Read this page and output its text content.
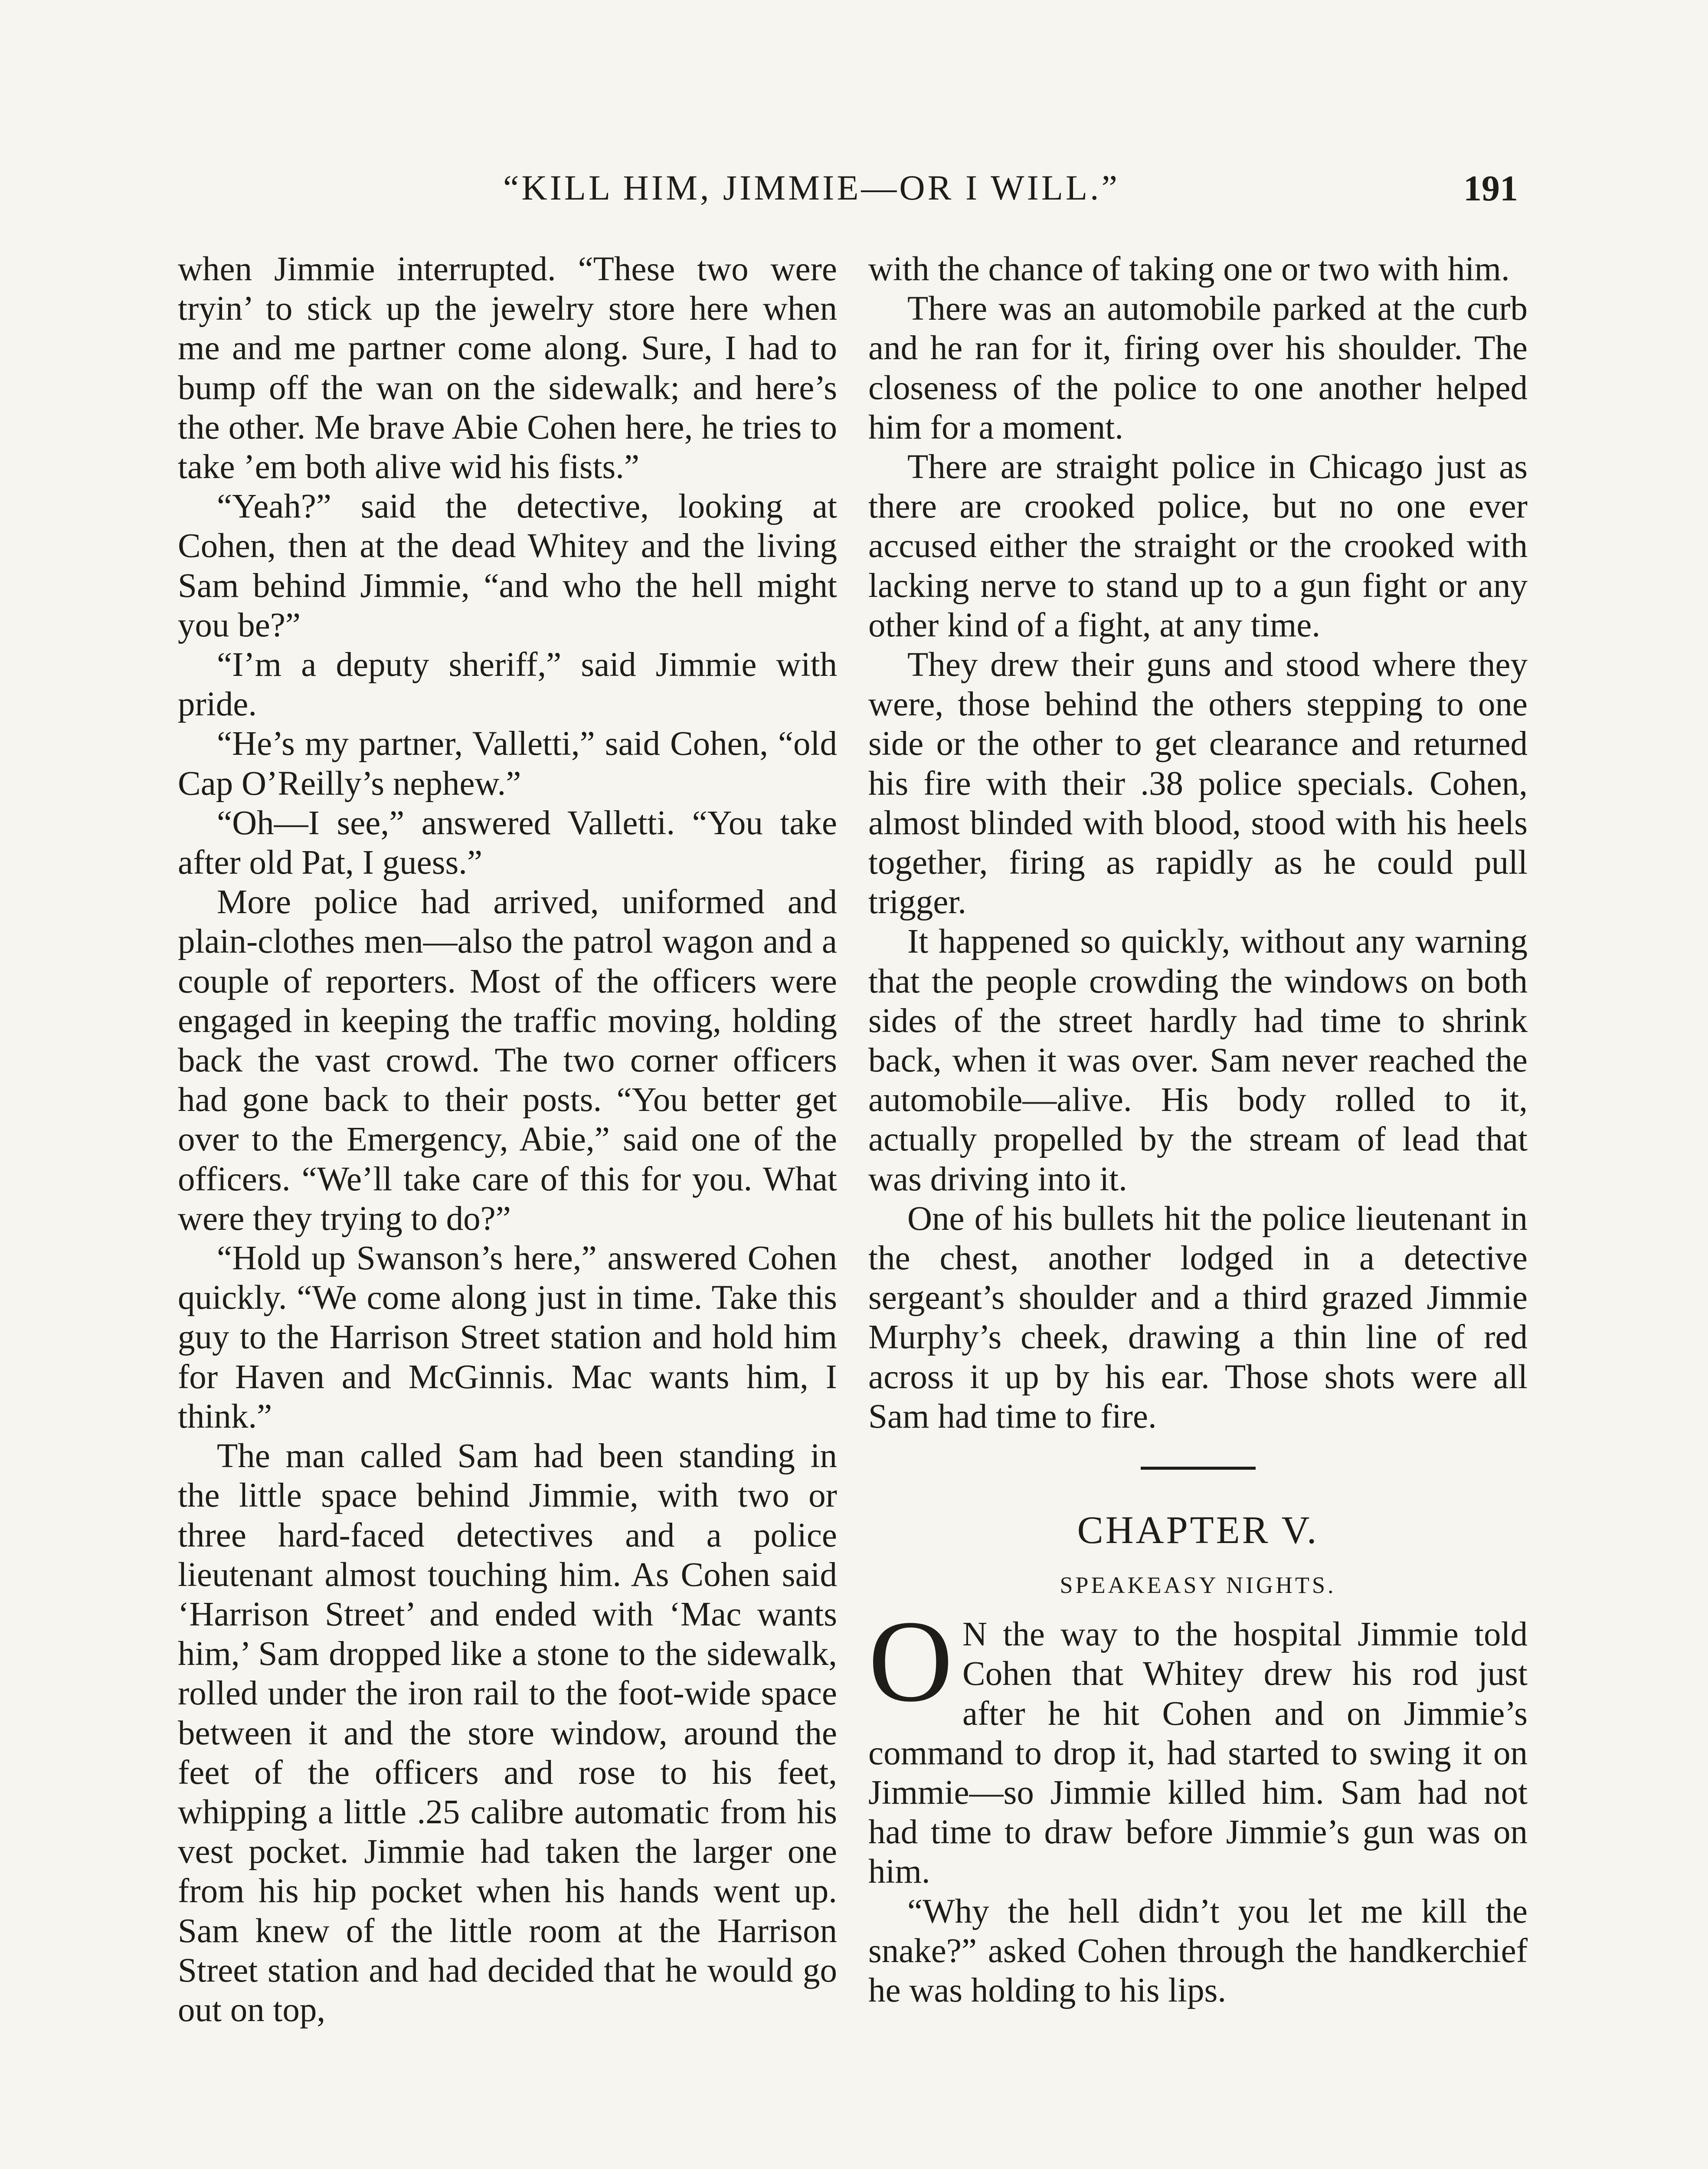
“KILL HIM, JIMMIE—OR I WILL.”	191

when Jimmie interrupted. “These two were tryin’ to stick up the jewelry store here when me and me partner come along. Sure, I had to bump off the wan on the sidewalk; and here’s the other. Me brave Abie Cohen here, he tries to take ’em both alive wid his fists.”

“Yeah?” said the detective, looking at Cohen, then at the dead Whitey and the living Sam behind Jimmie, “and who the hell might you be?”

“I’m a deputy sheriff,” said Jimmie with pride.

“He’s my partner, Valletti,” said Cohen, “old Cap O’Reilly’s nephew.”

“Oh—I see,” answered Valletti. “You take after old Pat, I guess.”

More police had arrived, uniformed and plain-clothes men—also the patrol wagon and a couple of reporters. Most of the officers were engaged in keeping the traffic moving, holding back the vast crowd. The two corner officers had gone back to their posts. “You better get over to the Emergency, Abie,” said one of the officers. “We’ll take care of this for you. What were they trying to do?”

“Hold up Swanson’s here,” answered Cohen quickly. “We come along just in time. Take this guy to the Harrison Street station and hold him for Haven and McGinnis. Mac wants him, I think.”

The man called Sam had been standing in the little space behind Jimmie, with two or three hard-faced detectives and a police lieutenant almost touching him. As Cohen said ‘Harrison Street’ and ended with ‘Mac wants him,’ Sam dropped like a stone to the sidewalk, rolled under the iron rail to the foot-wide space between it and the store window, around the feet of the officers and rose to his feet, whipping a little .25 calibre automatic from his vest pocket. Jimmie had taken the larger one from his hip pocket when his hands went up. Sam knew of the little room at the Harrison Street station and had decided that he would go out on top,

with the chance of taking one or two with him.

There was an automobile parked at the curb and he ran for it, firing over his shoulder. The closeness of the police to one another helped him for a moment.

There are straight police in Chicago just as there are crooked police, but no one ever accused either the straight or the crooked with lacking nerve to stand up to a gun fight or any other kind of a fight, at any time.

They drew their guns and stood where they were, those behind the others stepping to one side or the other to get clearance and returned his fire with their .38 police specials. Cohen, almost blinded with blood, stood with his heels together, firing as rapidly as he could pull trigger.

It happened so quickly, without any warning that the people crowding the windows on both sides of the street hardly had time to shrink back, when it was over. Sam never reached the automobile—alive. His body rolled to it, actually propelled by the stream of lead that was driving into it.

One of his bullets hit the police lieutenant in the chest, another lodged in a detective sergeant’s shoulder and a third grazed Jimmie Murphy’s cheek, drawing a thin line of red across it up by his ear. Those shots were all Sam had time to fire.

CHAPTER V.
SPEAKEASY NIGHTS.

O N the way to the hospital Jimmie told Cohen that Whitey drew his rod just after he hit Cohen and on Jimmie’s command to drop it, had started to swing it on Jimmie—so Jimmie killed him. Sam had not had time to draw before Jimmie’s gun was on him.

“Why the hell didn’t you let me kill the snake?” asked Cohen through the handkerchief he was holding to his lips.
